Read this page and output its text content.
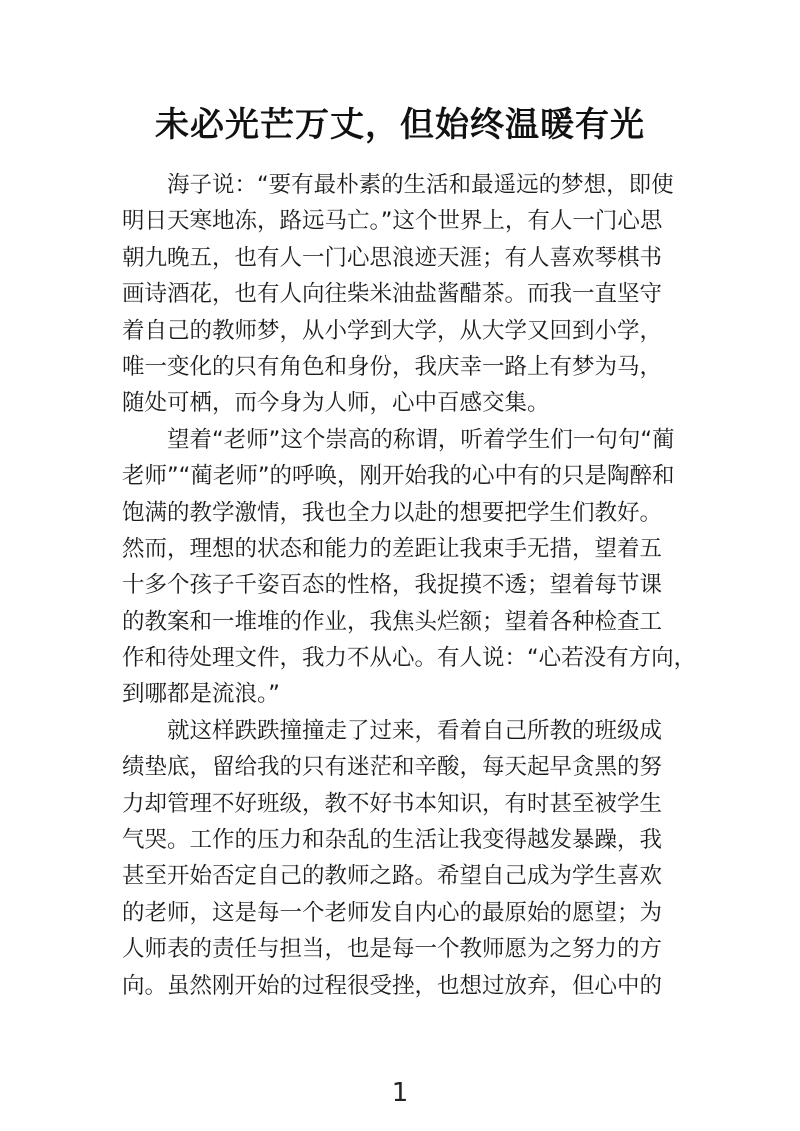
未必光芒万丈，但始终温暖有光
海子说：“要有最朴素的生活和最遥远的梦想，即使
明日天寒地冻，路远马亡。”这个世界上，有人一门心思
朝九晚五，也有人一门心思浪迹天涯；有人喜欢琴棋书
画诗酒花，也有人向往柴米油盐酱醋茶。而我一直坚守
着自己的教师梦，从小学到大学，从大学又回到小学，
唯一变化的只有角色和身份，我庆幸一路上有梦为马，
随处可栖，而今身为人师，心中百感交集。
望着“老师”这个崇高的称谓，听着学生们一句句“蔺
老师”“蔺老师”的呼唤，刚开始我的心中有的只是陶醉和
饱满的教学激情，我也全力以赴的想要把学生们教好。
然而，理想的状态和能力的差距让我束手无措，望着五
十多个孩子千姿百态的性格，我捉摸不透；望着每节课
的教案和一堆堆的作业，我焦头烂额；望着各种检查工
作和待处理文件，我力不从心。有人说：“心若没有方向，
到哪都是流浪。”
就这样跌跌撞撞走了过来，看着自己所教的班级成
绩垫底，留给我的只有迷茫和辛酸，每天起早贪黑的努
力却管理不好班级，教不好书本知识，有时甚至被学生
气哭。工作的压力和杂乱的生活让我变得越发暴躁，我
甚至开始否定自己的教师之路。希望自己成为学生喜欢
的老师，这是每一个老师发自内心的最原始的愿望；为
人师表的责任与担当，也是每一个教师愿为之努力的方
向。虽然刚开始的过程很受挫，也想过放弃，但心中的
1
